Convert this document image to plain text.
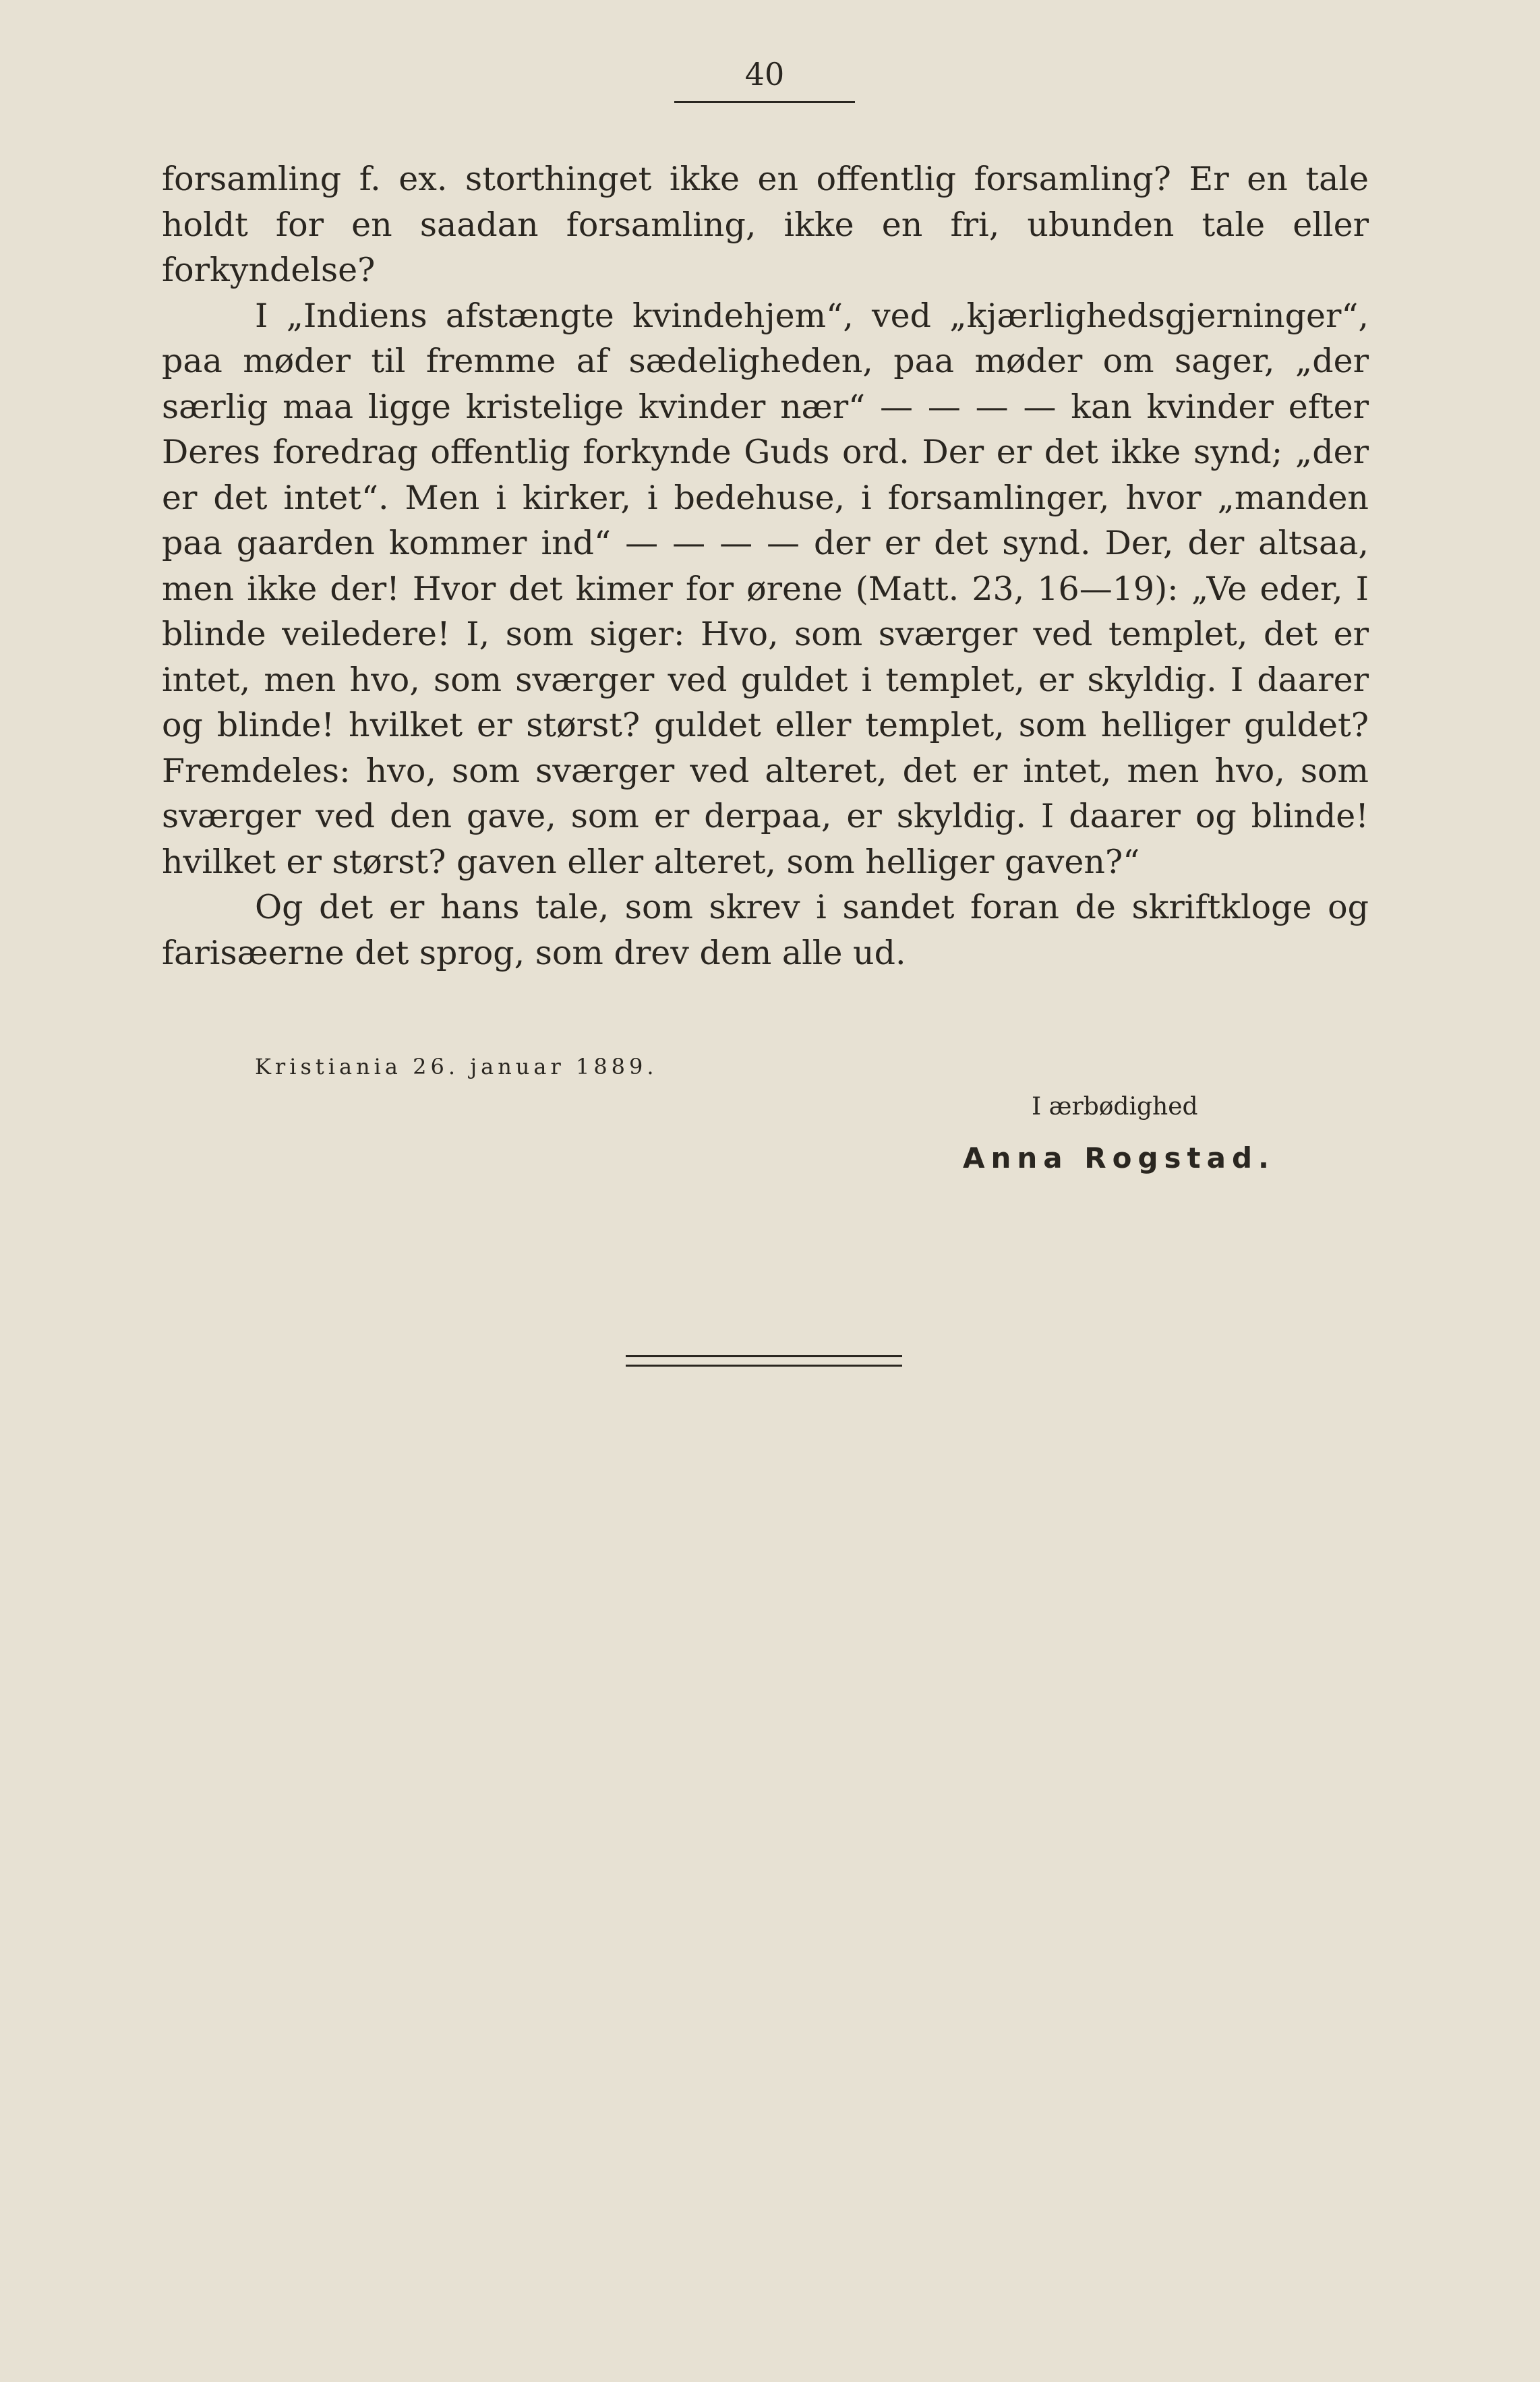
40

forsamling f. ex. storthinget ikke en offentlig forsamling? Er en tale holdt for en saadan forsamling, ikke en fri, ubunden tale eller forkyndelse?

I „Indiens afstængte kvindehjem“, ved „kjærlighedsgjerninger“, paa møder til fremme af sædeligheden, paa møder om sager, „der særlig maa ligge kristelige kvinder nær“ — — — — kan kvinder efter Deres foredrag offentlig forkynde Guds ord. Der er det ikke synd; „der er det intet“. Men i kirker, i bedehuse, i forsamlinger, hvor „manden paa gaarden kommer ind“ — — — — der er det synd. Der, der altsaa, men ikke der! Hvor det kimer for ørene (Matt. 23, 16—19): „Ve eder, I blinde veiledere! I, som siger: Hvo, som sværger ved templet, det er intet, men hvo, som sværger ved guldet i templet, er skyldig. I daarer og blinde! hvilket er størst? guldet eller templet, som helliger guldet? Fremdeles: hvo, som sværger ved alteret, det er intet, men hvo, som sværger ved den gave, som er derpaa, er skyldig. I daarer og blinde! hvilket er størst? gaven eller alteret, som helliger gaven?“

Og det er hans tale, som skrev i sandet foran de skriftkloge og farisæerne det sprog, som drev dem alle ud.

Kristiania 26. januar 1889.
I ærbødighed
Anna Rogstad.
